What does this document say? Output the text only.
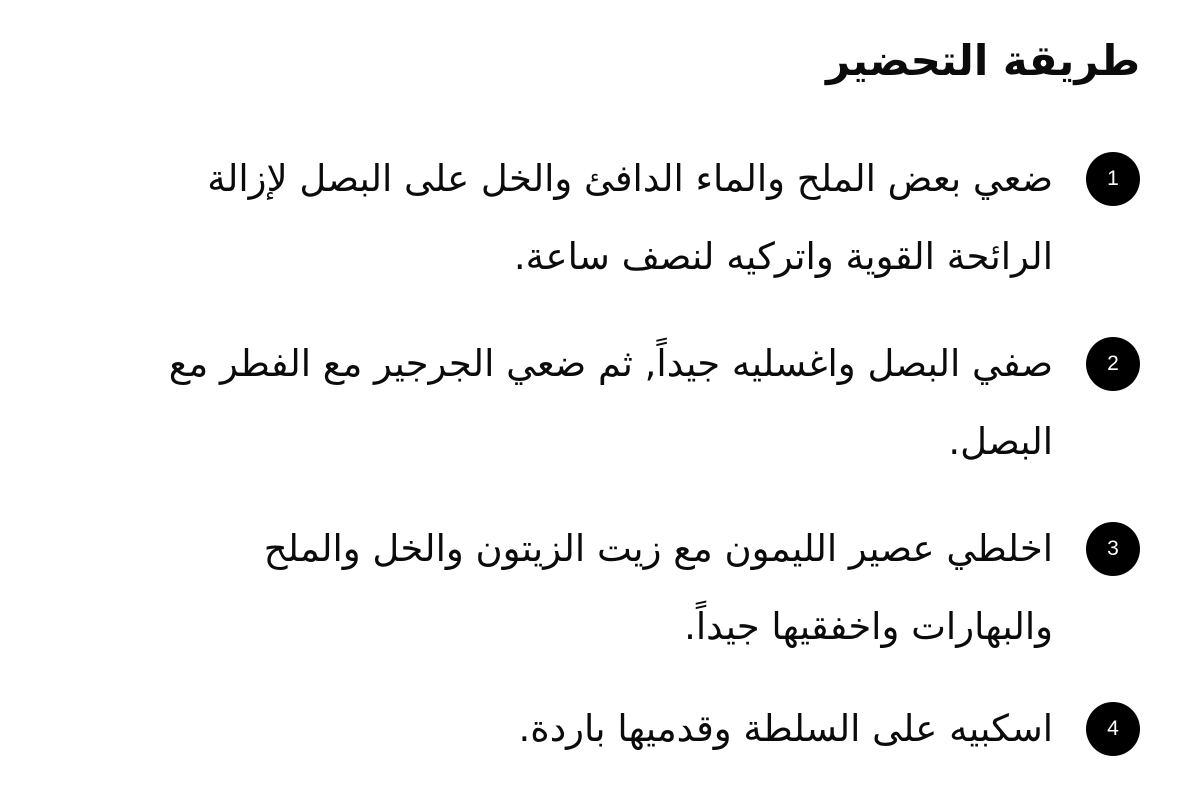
طريقة التحضير
1

ضعي بعض الملح والماء الدافئ والخل على البصل لإزالة الرائحة القوية واتركيه لنصف ساعة.

2

صفي البصل واغسليه جيداً, ثم ضعي الجرجير مع الفطر مع البصل.

3

اخلطي عصير الليمون مع زيت الزيتون والخل والملح والبهارات واخفقيها جيداً.

4

اسكبيه على السلطة وقدميها باردة.
